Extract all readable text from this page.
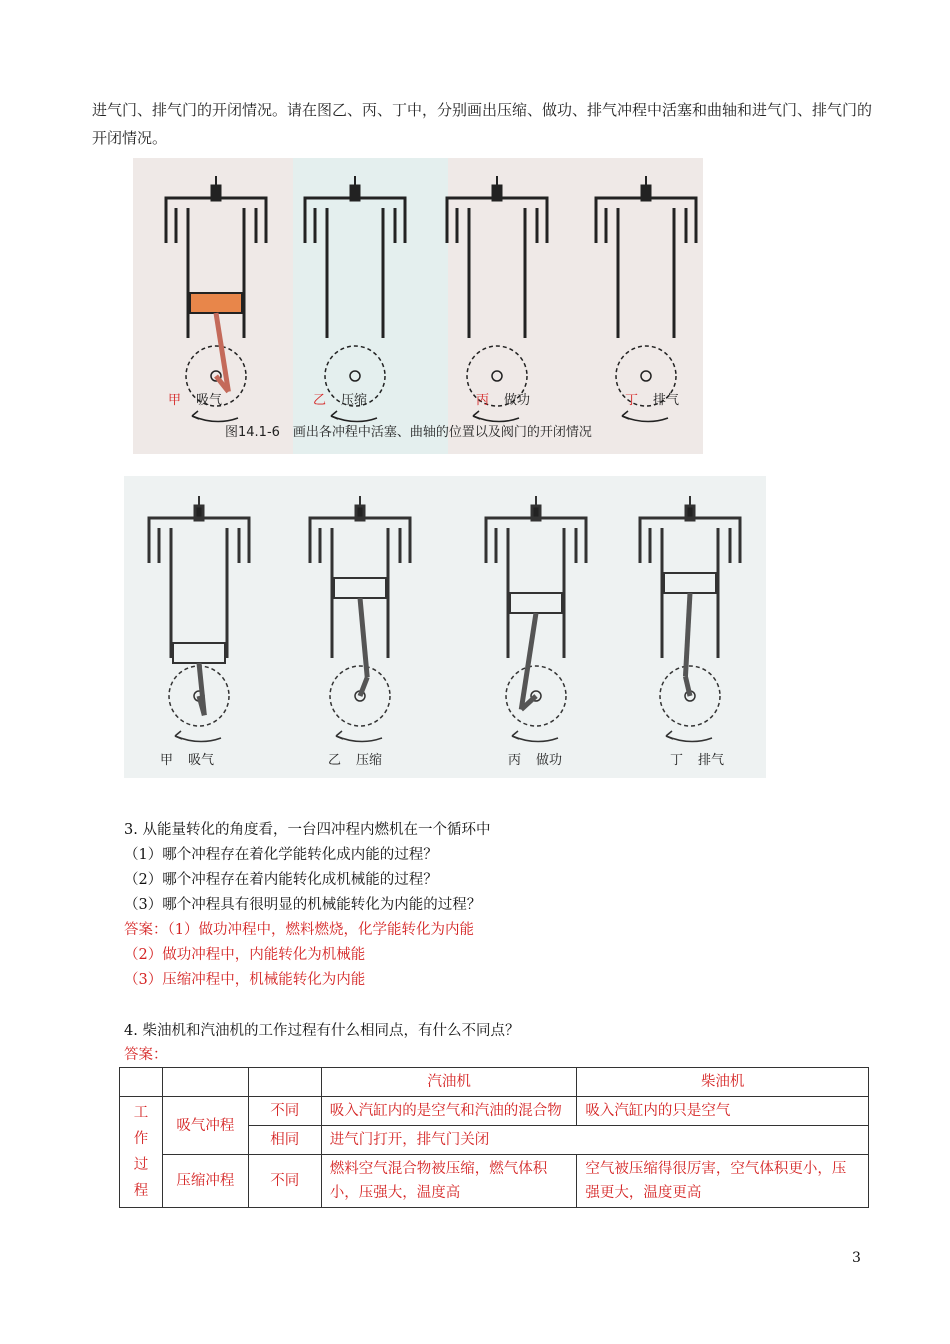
进气门、排气门的开闭情况。请在图乙、丙、丁中，分别画出压缩、做功、排气冲程中活塞和曲轴和进气门、排气门的开闭情况。
甲 吸气	乙 压缩	丙 做功	丁 排气
图14.1-6　画出各冲程中活塞、曲轴的位置以及阀门的开闭情况
甲 吸气	乙 压缩	丙 做功	丁 排气
3. 从能量转化的角度看，一台四冲程内燃机在一个循环中
（1）哪个冲程存在着化学能转化成内能的过程？
（2）哪个冲程存在着内能转化成机械能的过程？
（3）哪个冲程具有很明显的机械能转化为内能的过程？
答案：（1）做功冲程中，燃料燃烧，化学能转化为内能
（2）做功冲程中，内能转化为机械能
（3）压缩冲程中，机械能转化为内能
4. 柴油机和汽油机的工作过程有什么相同点，有什么不同点？
答案：
			汽油机	柴油机
工作过程	吸气冲程	不同	吸入汽缸内的是空气和汽油的混合物	吸入汽缸内的只是空气
		相同	进气门打开，排气门关闭	
	压缩冲程	不同	燃料空气混合物被压缩，燃气体积小，压强大，温度高	空气被压缩得很厉害，空气体积更小，压强更大，温度更高
3
